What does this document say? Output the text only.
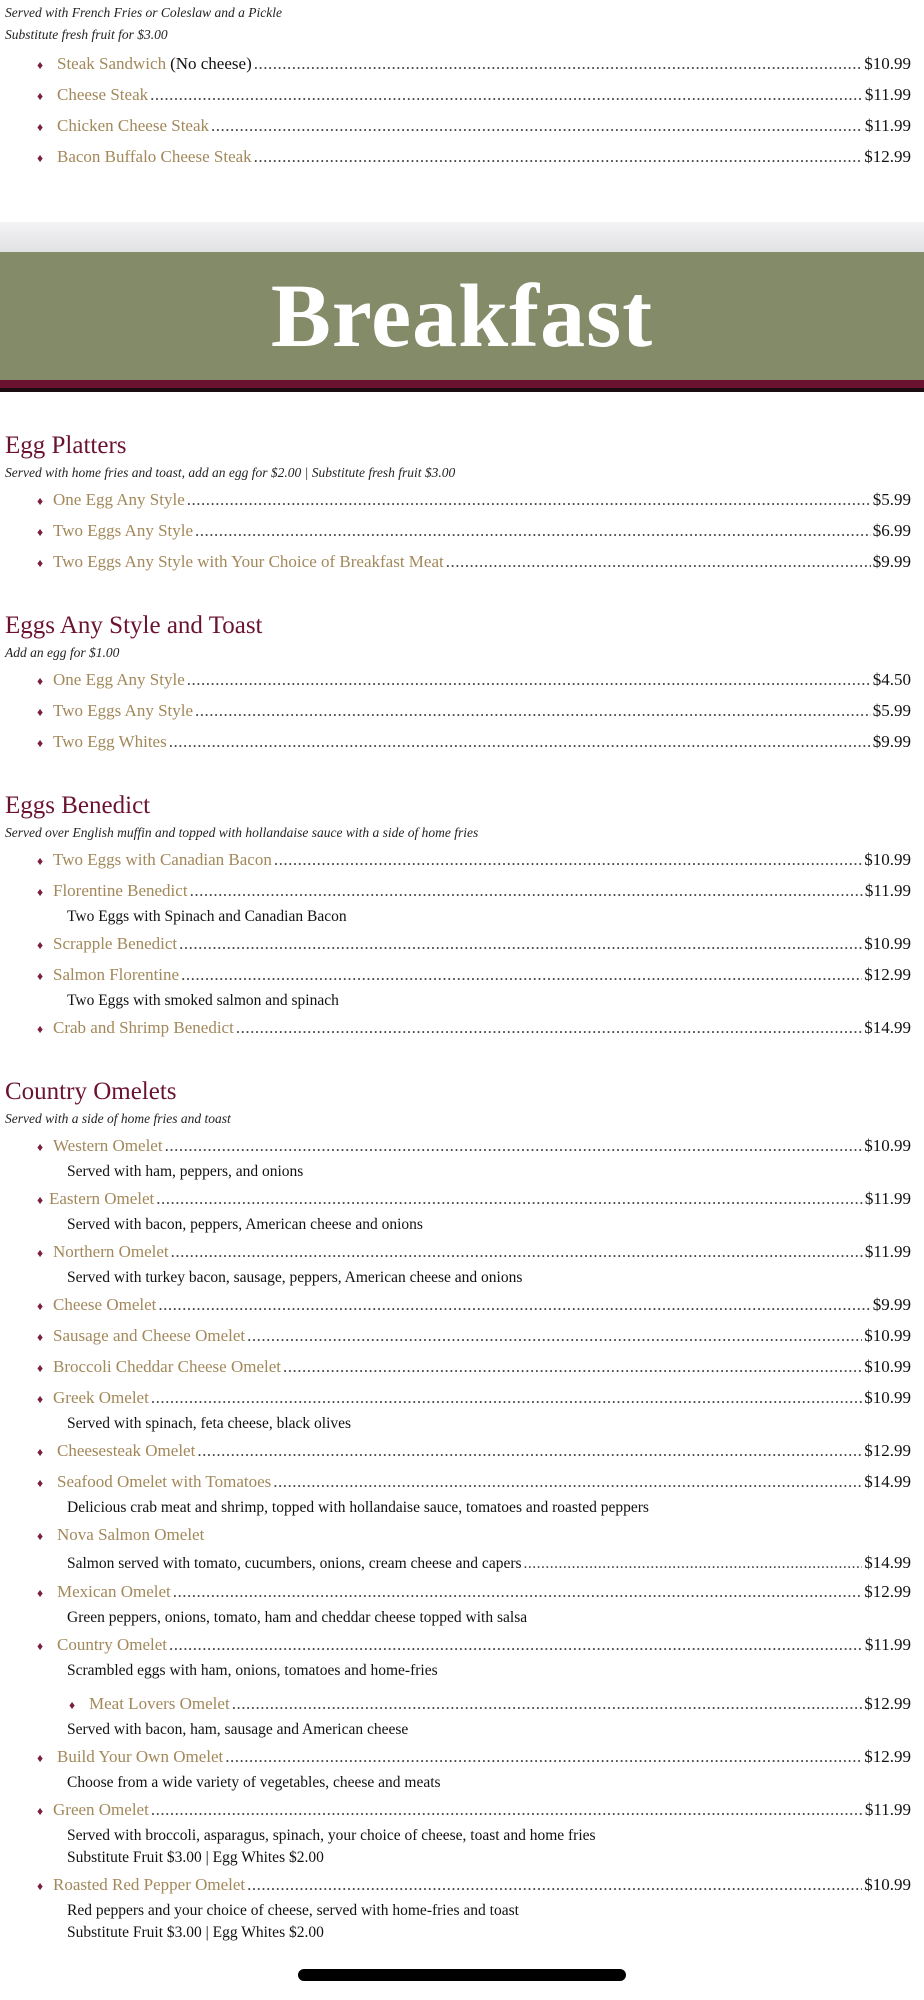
Served with French Fries or Coleslaw and a Pickle
Substitute fresh fruit for $3.00
♦ Steak Sandwich (No cheese) .....	$10.99
♦ Cheese Steak .....	$11.99
♦ Chicken Cheese Steak .....	$11.99
♦ Bacon Buffalo Cheese Steak .....	$12.99
Breakfast
Egg Platters
Served with home fries and toast, add an egg for $2.00 | Substitute fresh fruit $3.00
♦ One Egg Any Style .....	$5.99
♦ Two Eggs Any Style .....	$6.99
♦ Two Eggs Any Style with Your Choice of Breakfast Meat .....	$9.99
Eggs Any Style and Toast
Add an egg for $1.00
♦ One Egg Any Style .....	$4.50
♦ Two Eggs Any Style .....	$5.99
♦ Two Egg Whites .....	$9.99
Eggs Benedict
Served over English muffin and topped with hollandaise sauce with a side of home fries
♦ Two Eggs with Canadian Bacon .....	$10.99
♦ Florentine Benedict .....	$11.99
Two Eggs with Spinach and Canadian Bacon
♦ Scrapple Benedict .....	$10.99
♦ Salmon Florentine .....	$12.99
Two Eggs with smoked salmon and spinach
♦ Crab and Shrimp Benedict .....	$14.99
Country Omelets
Served with a side of home fries and toast
♦ Western Omelet .....	$10.99
Served with ham, peppers, and onions
♦ Eastern Omelet .....	$11.99
Served with bacon, peppers, American cheese and onions
♦ Northern Omelet .....	$11.99
Served with turkey bacon, sausage, peppers, American cheese and onions
♦ Cheese Omelet .....	$9.99
♦ Sausage and Cheese Omelet .....	$10.99
♦ Broccoli Cheddar Cheese Omelet .....	$10.99
♦ Greek Omelet .....	$10.99
Served with spinach, feta cheese, black olives
♦ Cheesesteak Omelet .....	$12.99
♦ Seafood Omelet with Tomatoes .....	$14.99
Delicious crab meat and shrimp, topped with hollandaise sauce, tomatoes and roasted peppers
♦ Nova Salmon Omelet
Salmon served with tomato, cucumbers, onions, cream cheese and capers .....	$14.99
♦ Mexican Omelet .....	$12.99
Green peppers, onions, tomato, ham and cheddar cheese topped with salsa
♦ Country Omelet .....	$11.99
Scrambled eggs with ham, onions, tomatoes and home-fries
♦ Meat Lovers Omelet .....	$12.99
Served with bacon, ham, sausage and American cheese
♦ Build Your Own Omelet .....	$12.99
Choose from a wide variety of vegetables, cheese and meats
♦ Green Omelet .....	$11.99
Served with broccoli, asparagus, spinach, your choice of cheese, toast and home fries
Substitute Fruit $3.00 | Egg Whites $2.00
♦ Roasted Red Pepper Omelet .....	$10.99
Red peppers and your choice of cheese, served with home-fries and toast
Substitute Fruit $3.00 | Egg Whites $2.00
